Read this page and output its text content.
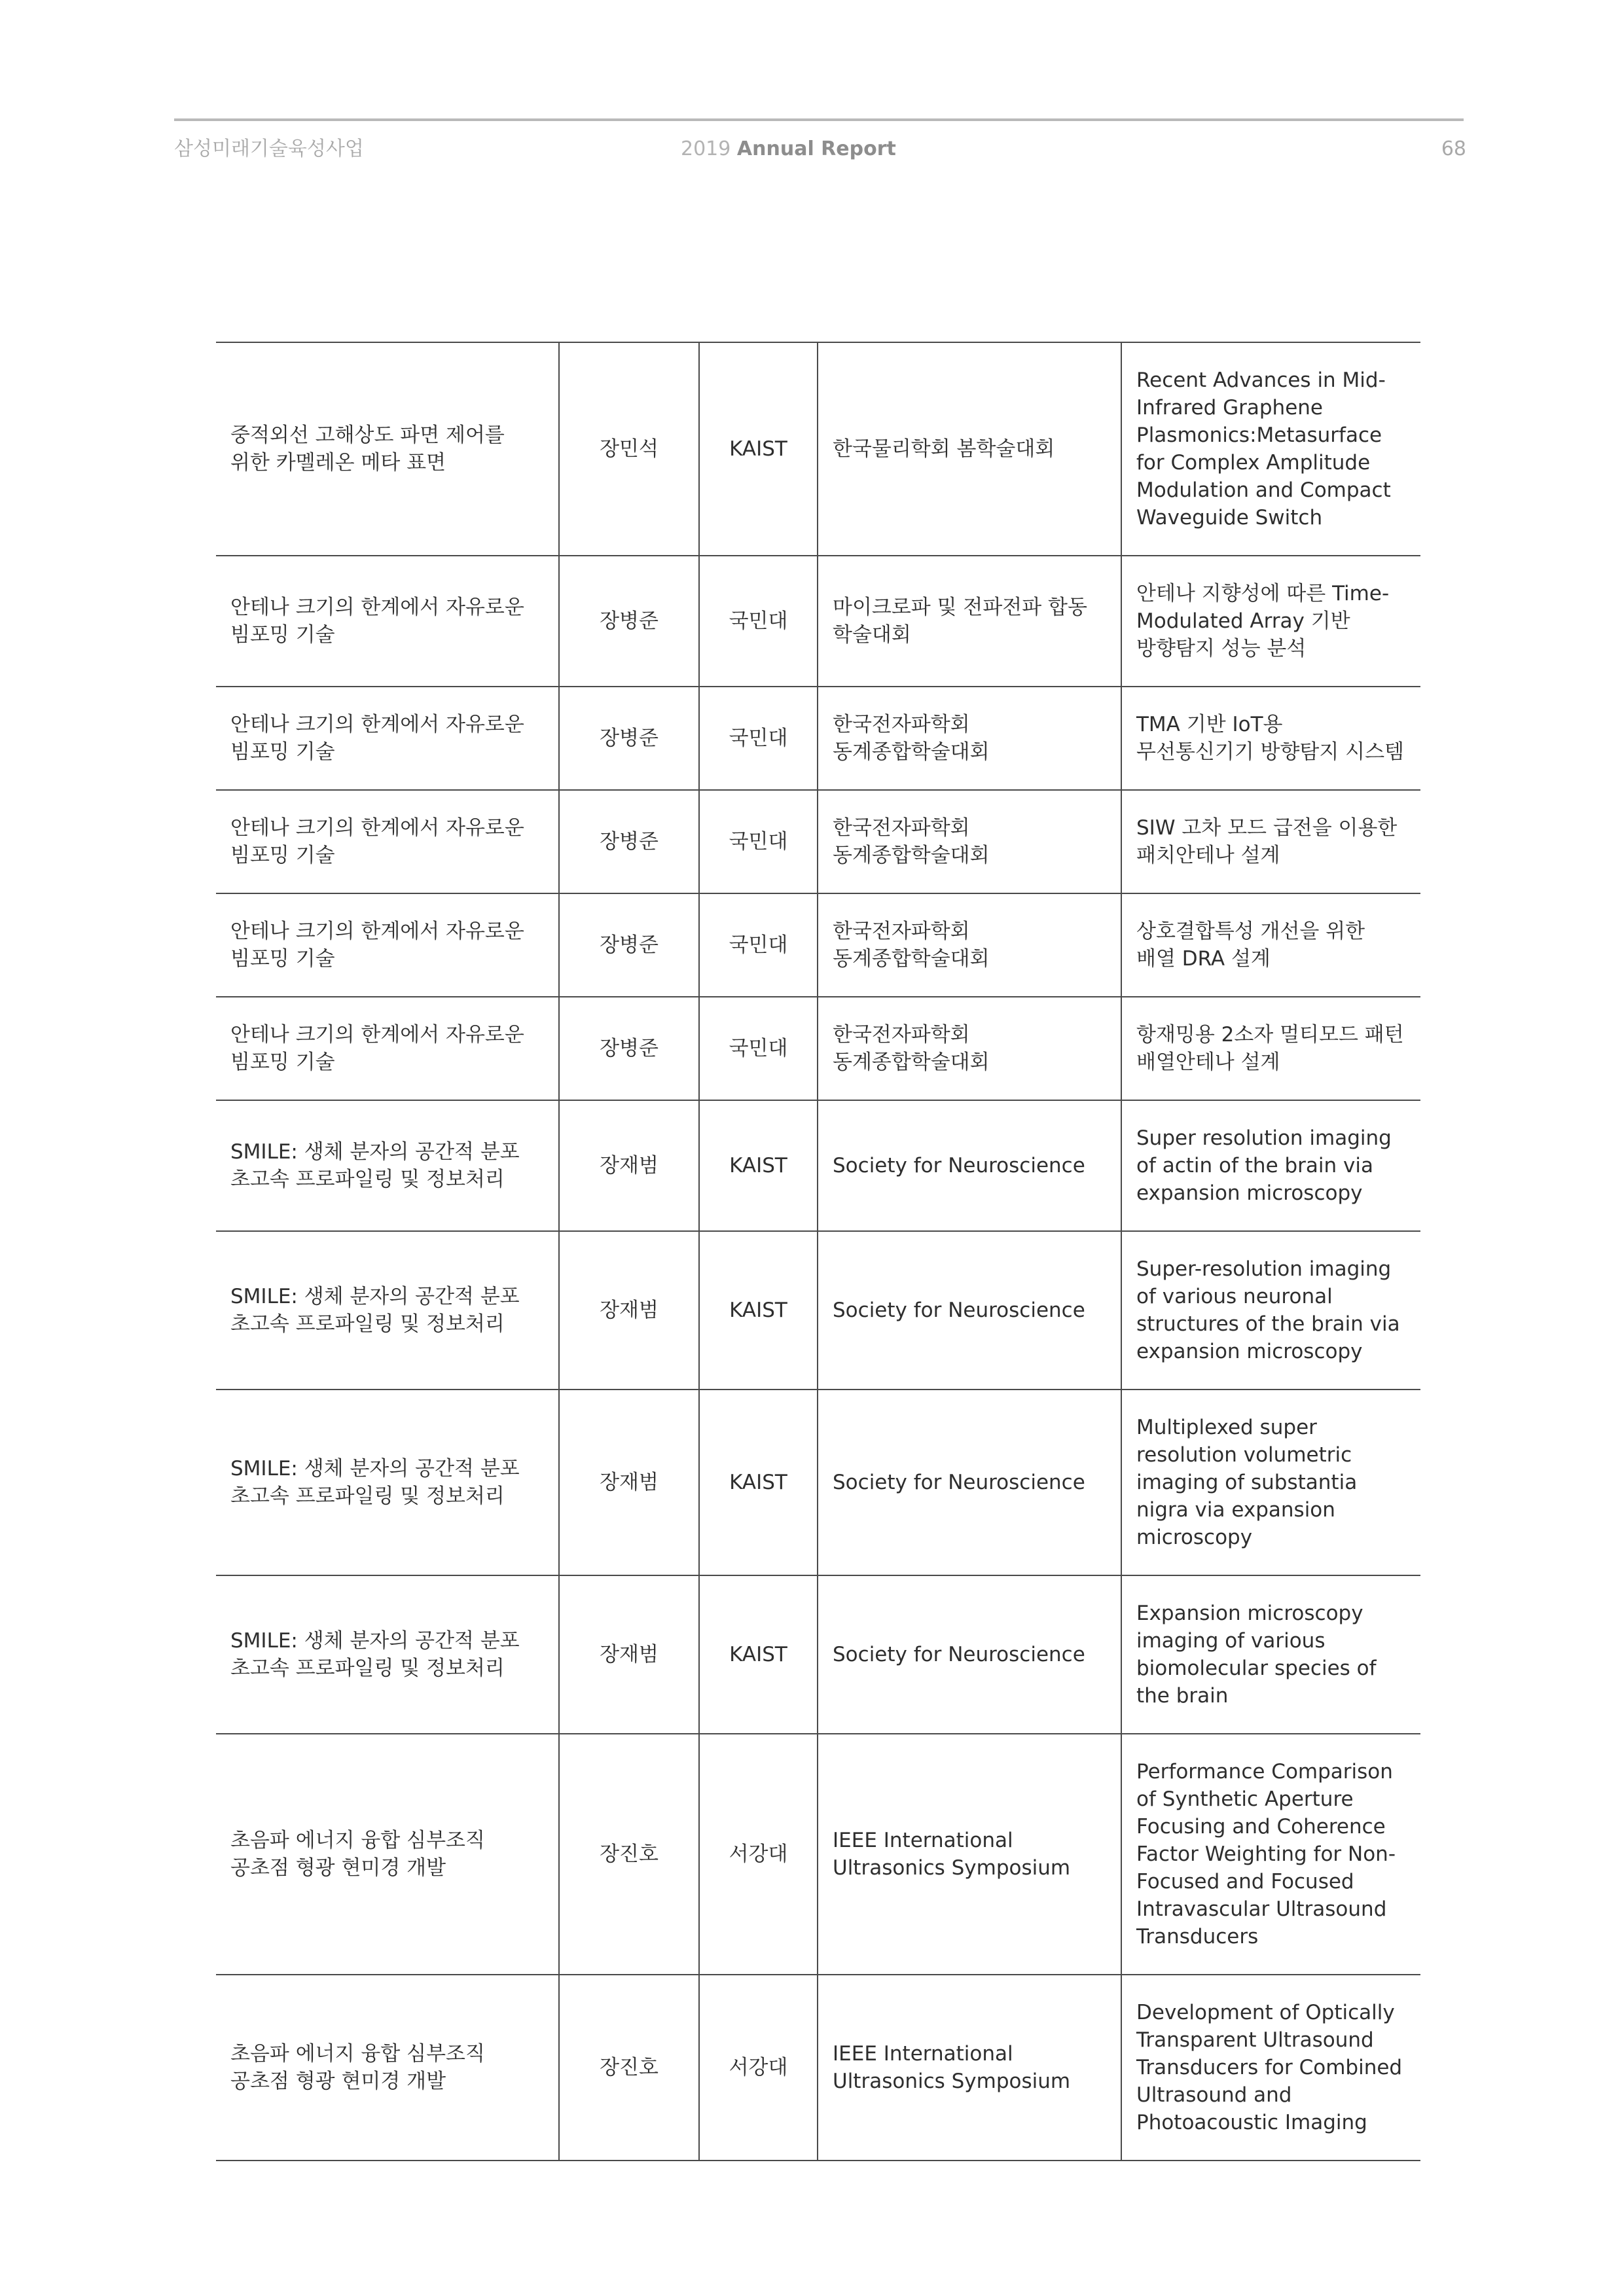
삼성미래기술육성사업	2019 Annual Report	68
중적외선 고해상도 파면 제어를 위한 카멜레온 메타 표면	장민석	KAIST	한국물리학회 봄학술대회	Recent Advances in Mid-Infrared Graphene Plasmonics:Metasurface for Complex Amplitude Modulation and Compact Waveguide Switch
안테나 크기의 한계에서 자유로운 빔포밍 기술	장병준	국민대	마이크로파 및 전파전파 합동 학술대회	안테나 지향성에 따른 Time-Modulated Array 기반 방향탐지 성능 분석
안테나 크기의 한계에서 자유로운 빔포밍 기술	장병준	국민대	한국전자파학회 동계종합학술대회	TMA 기반 IoT용 무선통신기기 방향탐지 시스템
안테나 크기의 한계에서 자유로운 빔포밍 기술	장병준	국민대	한국전자파학회 동계종합학술대회	SIW 고차 모드 급전을 이용한 패치안테나 설계
안테나 크기의 한계에서 자유로운 빔포밍 기술	장병준	국민대	한국전자파학회 동계종합학술대회	상호결합특성 개선을 위한 배열 DRA 설계
안테나 크기의 한계에서 자유로운 빔포밍 기술	장병준	국민대	한국전자파학회 동계종합학술대회	항재밍용 2소자 멀티모드 패턴 배열안테나 설계
SMILE: 생체 분자의 공간적 분포 초고속 프로파일링 및 정보처리	장재범	KAIST	Society for Neuroscience	Super resolution imaging of actin of the brain via expansion microscopy
SMILE: 생체 분자의 공간적 분포 초고속 프로파일링 및 정보처리	장재범	KAIST	Society for Neuroscience	Super-resolution imaging of various neuronal structures of the brain via expansion microscopy
SMILE: 생체 분자의 공간적 분포 초고속 프로파일링 및 정보처리	장재범	KAIST	Society for Neuroscience	Multiplexed super resolution volumetric imaging of substantia nigra via expansion microscopy
SMILE: 생체 분자의 공간적 분포 초고속 프로파일링 및 정보처리	장재범	KAIST	Society for Neuroscience	Expansion microscopy imaging of various biomolecular species of the brain
초음파 에너지 융합 심부조직 공초점 형광 현미경 개발	장진호	서강대	IEEE International Ultrasonics Symposium	Performance Comparison of Synthetic Aperture Focusing and Coherence Factor Weighting for Non-Focused and Focused Intravascular Ultrasound Transducers
초음파 에너지 융합 심부조직 공초점 형광 현미경 개발	장진호	서강대	IEEE International Ultrasonics Symposium	Development of Optically Transparent Ultrasound Transducers for Combined Ultrasound and Photoacoustic Imaging
